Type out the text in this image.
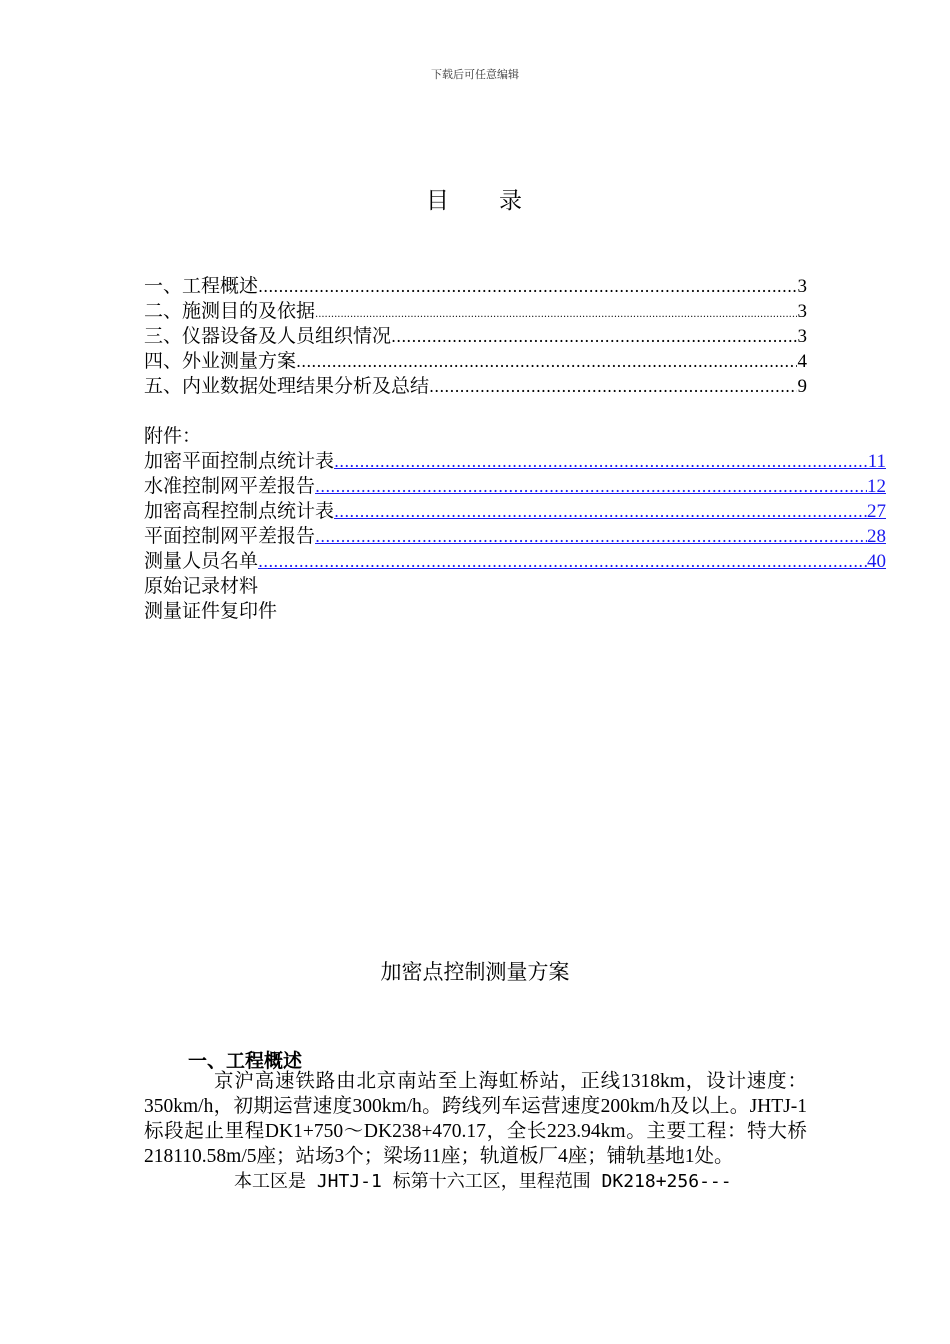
下载后可任意编辑
目 录
一、工程概述 .....	3
二、施测目的及依据 .....	3
三、仪器设备及人员组织情况 .....	3
四、外业测量方案 .....	4
五、内业数据处理结果分析及总结 .....	9
附件：
加密平面控制点统计表 .....	11
水准控制网平差报告 .....	12
加密高程控制点统计表 .....	27
平面控制网平差报告 .....	28
测量人员名单 .....	40
原始记录材料
测量证件复印件
加密点控制测量方案
一、工程概述

京沪高速铁路由北京南站至上海虹桥站，正线1318km，设计速度：350km/h，初期运营速度300km/h。跨线列车运营速度200km/h及以上。JHTJ-1标段起止里程DK1+750～DK238+470.17，全长223.94km。主要工程：特大桥218110.58m/5座；站场3个；梁场11座；轨道板厂4座；铺轨基地1处。

本工区是 JHTJ-1 标第十六工区，里程范围 DK218+256---
